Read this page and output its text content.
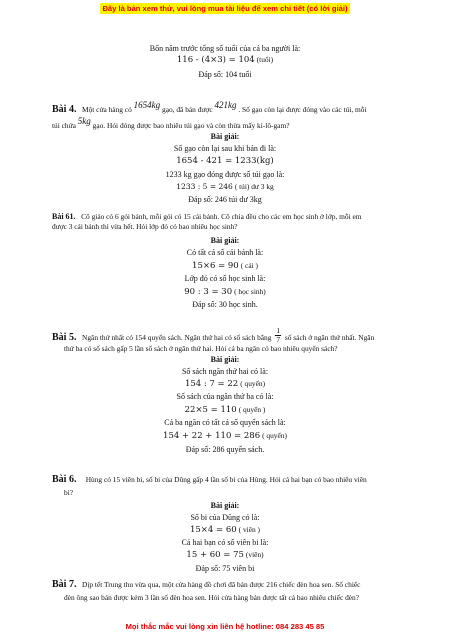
Đây là bản xem thử, vui lòng mua tài liệu để xem chi tiết (có lời giải)
Bốn năm trước tổng số tuổi của cả ba người là:
116 - (4×3) = 104 (tuổi)
Đáp số: 104 tuổi
Bài 4. Một cửa hàng có 1654kg gạo, đã bán được 421kg . Số gạo còn lại được đóng vào các túi, mỗi
túi chứa 5kg gạo. Hỏi đóng được bao nhiêu túi gạo và còn thừa mấy ki-lô-gam?
Bài giải:
Số gạo còn lại sau khi bán đi là:
1654 - 421 = 1233(kg)
1233 kg gạo đóng được số túi gạo là:
1233 : 5 = 246 ( túi) dư 3 kg
Đáp số: 246 túi dư 3kg
Bài 61. Cô giáo có 6 gói bánh, mỗi gói có 15 cái bánh. Cô chia đều cho các em học sinh ở lớp, mỗi em
được 3 cái bánh thì vừa hết. Hỏi lớp đó có bao nhiêu học sinh?
Bài giải:
Có tất cả số cái bánh là:
15×6 = 90 ( cái )
Lớp đó có số học sinh là:
90 : 3 = 30 ( học sinh)
Đáp số: 30 học sinh.
Bài 5. Ngăn thứ nhất có 154 quyển sách. Ngăn thứ hai có số sách bằng $\frac{1}{7}$ số sách ở ngăn thứ nhất. Ngăn
thứ ba có số sách gấp 5 lần số sách ở ngăn thứ hai. Hỏi cả ba ngăn có bao nhiêu quyển sách?
Bài giải:
Số sách ngăn thứ hai có là:
154 : 7 = 22 ( quyển)
Số sách của ngăn thứ ba có là:
22×5 = 110 ( quyển )
Cả ba ngăn có tất cả số quyển sách là:
154 + 22 + 110 = 286 ( quyển)
Đáp số: 286 quyển sách.
Bài 6. Hùng có 15 viên bi, số bi của Dũng gấp 4 lần số bi của Hùng. Hỏi cả hai bạn có bao nhiêu viên
bi?
Bài giải:
Số bi của Dũng có là:
15×4 = 60 ( viên )
Cả hai bạn có số viên bi là:
15 + 60 = 75 (viên)
Đáp số: 75 viên bi
Bài 7. Dịp tết Trung thu vừa qua, một cửa hàng đồ chơi đã bán được 216 chiếc đèn hoa sen. Số chiếc
đèn ông sao bán được kém 3 lần số đèn hoa sen. Hỏi cửa hàng bán được tất cả bao nhiêu chiếc đèn?
Mọi thắc mắc vui lòng xin liên hệ hotline: 084 283 45 85
